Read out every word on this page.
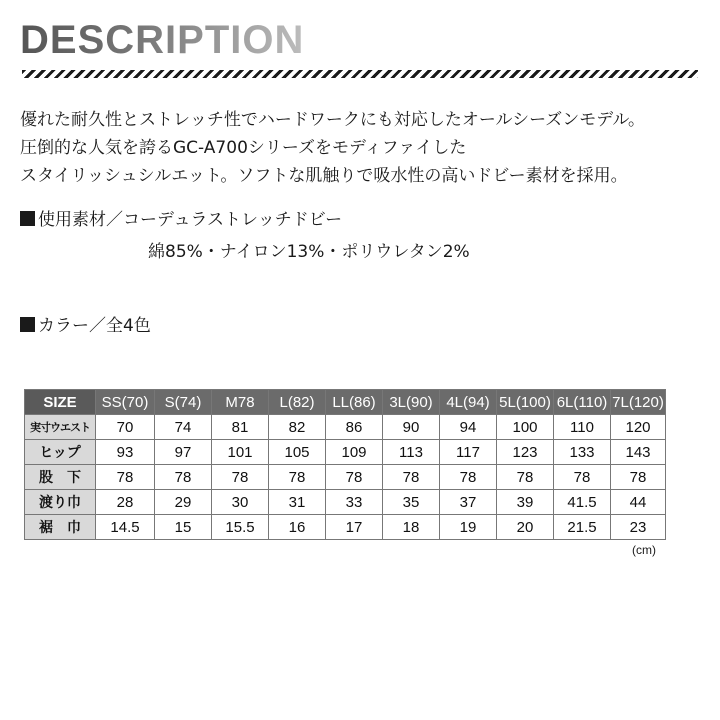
DESCRIPTION
優れた耐久性とストレッチ性でハードワークにも対応したオールシーズンモデル。
圧倒的な人気を誇るGC-A700シリーズをモディファイした
スタイリッシュシルエット。ソフトな肌触りで吸水性の高いドビー素材を採用。
使用素材／コーデュラストレッチドビー
綿85%・ナイロン13%・ポリウレタン2%
カラー／全4色
SIZE	SS(70)	S(74)	M78	L(82)	LL(86)	3L(90)	4L(94)	5L(100)	6L(110)	7L(120)
実寸ウエスト	70	74	81	82	86	90	94	100	110	120
ヒップ	93	97	101	105	109	113	117	123	133	143
股　下	78	78	78	78	78	78	78	78	78	78
渡り巾	28	29	30	31	33	35	37	39	41.5	44
裾　巾	14.5	15	15.5	16	17	18	19	20	21.5	23
(cm)
